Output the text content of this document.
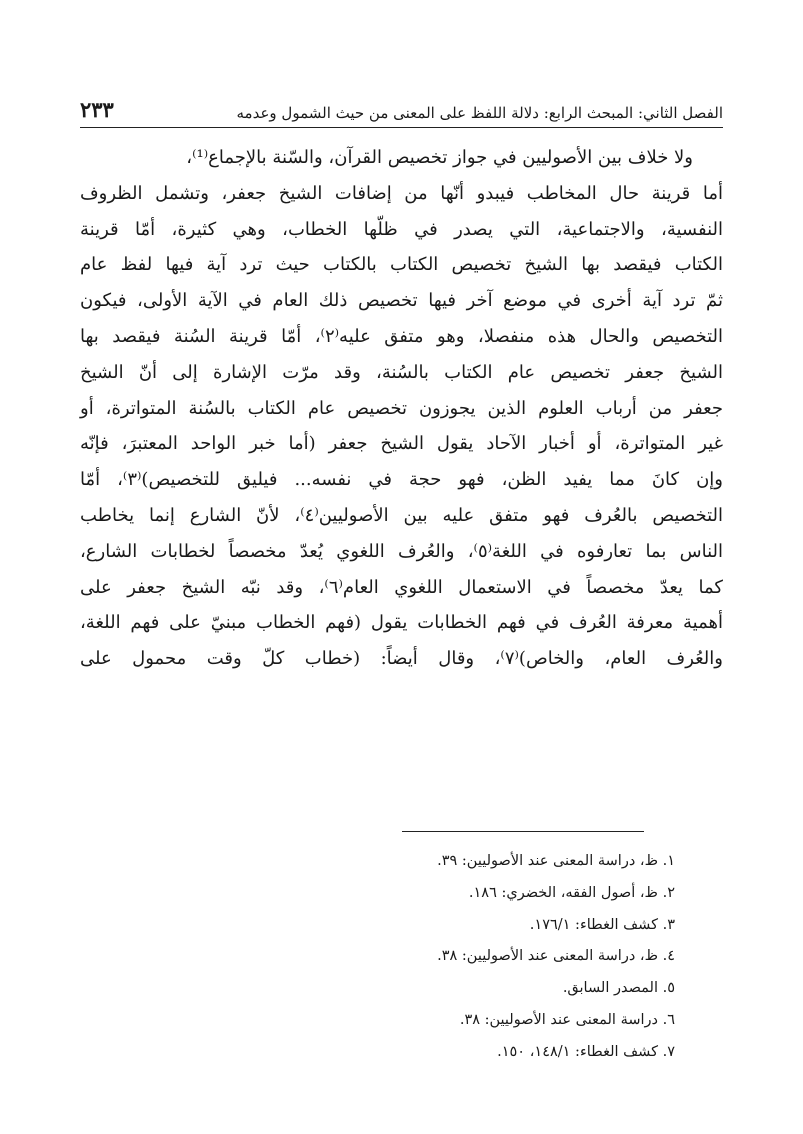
الفصل الثاني: المبحث الرابع: دلالة اللفظ على المعنى من حيث الشمول وعدمه
٢٣٣
ولا خلاف بين الأصوليين في جواز تخصيص القرآن، والسّنة بالإجماع⁽¹⁾،
أما قرينة حال المخاطب فيبدو أنّها من إضافات الشيخ جعفر، وتشمل الظروف
النفسية، والاجتماعية، التي يصدر في ظلّها الخطاب، وهي كثيرة، أمّا قرينة
الكتاب فيقصد بها الشيخ تخصيص الكتاب بالكتاب حيث ترد آية فيها لفظ عام
ثمّ ترد آية أخرى في موضع آخر فيها تخصيص ذلك العام في الآية الأولى، فيكون
التخصيص والحال هذه منفصلا، وهو متفق عليه⁽٢⁾، أمّا قرينة السُنة فيقصد بها
الشيخ جعفر تخصيص عام الكتاب بالسُنة، وقد مرّت الإشارة إلى أنّ الشيخ
جعفر من أرباب العلوم الذين يجوزون تخصيص عام الكتاب بالسُنة المتواترة، أو
غير المتواترة، أو أخبار الآحاد يقول الشيخ جعفر (أما خبر الواحد المعتبرَ، فإنّه
وإن كانَ مما يفيد الظن، فهو حجة في نفسه... فيليق للتخصيص)⁽٣⁾، أمّا
التخصيص بالعُرف فهو متفق عليه بين الأصوليين⁽٤⁾، لأنّ الشارع إنما يخاطب
الناس بما تعارفوه في اللغة⁽٥⁾، والعُرف اللغوي يُعدّ مخصصاً لخطابات الشارع،
كما يعدّ مخصصاً في الاستعمال اللغوي العام⁽٦⁾، وقد نبّه الشيخ جعفر على
أهمية معرفة العُرف في فهم الخطابات يقول (فهم الخطاب مبنيّ على فهم اللغة،
والعُرف العام، والخاص)⁽٧⁾، وقال أيضاً: (خطاب كلّ وقت محمول على
١. ظ، دراسة المعنى عند الأصوليين: ٣٩.
٢. ظ، أصول الفقه، الخضري: ١٨٦.
٣. كشف الغطاء: ١٧٦/١.
٤. ظ، دراسة المعنى عند الأصوليين: ٣٨.
٥. المصدر السابق.
٦. دراسة المعنى عند الأصوليين: ٣٨.
٧. كشف الغطاء: ١٤٨/١، ١٥٠.
